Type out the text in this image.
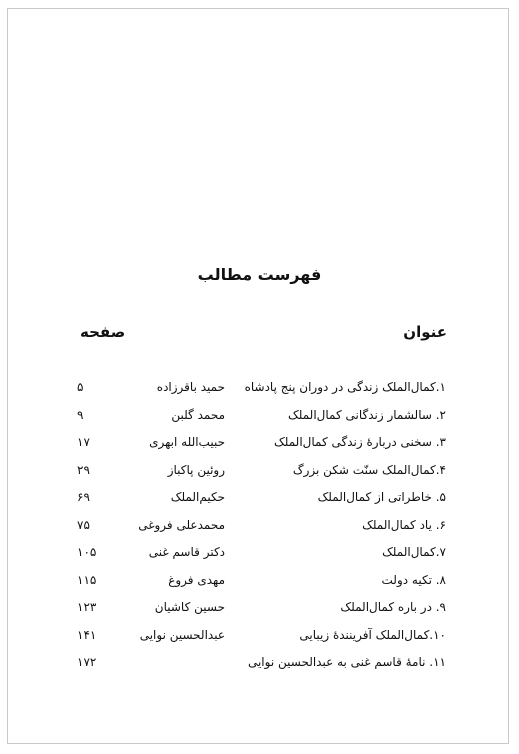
فهرست مطالب
عنوان
صفحه
۱.کمال‌الملک زندگی در دوران پنج پادشاه
حمید باقرزاده
۵
۲. سالشمار زندگانی کمال‌الملک
محمد گلبن
۹
۳. سخنی دربارهٔ زندگی کمال‌الملک
حبیب‌الله ابهری
۱۷
۴.کمال‌الملک سنّت شکن بزرگ
روئین پاکباز
۲۹
۵. خاطراتی از کمال‌الملک
حکیم‌الملک
۶۹
۶. یاد کمال‌الملک
محمدعلی فروغی
۷۵
۷.کمال‌الملک
دکتر قاسم غنی
۱۰۵
۸. تکیه دولت
مهدی فروغ
۱۱۵
۹. در باره کمال‌الملک
حسین کاشیان
۱۲۳
۱۰.کمال‌الملک آفرینندهٔ زیبایی
عبدالحسین نوایی
۱۴۱
۱۱. نامهٔ قاسم غنی به عبدالحسین نوایی
۱۷۲
